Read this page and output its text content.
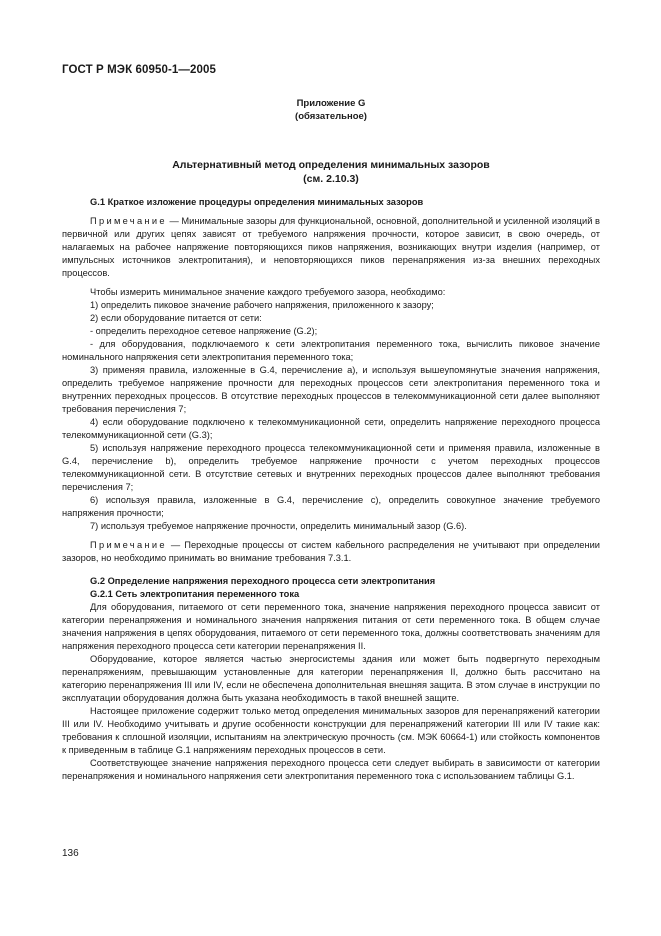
ГОСТ Р МЭК 60950-1—2005
Приложение G
(обязательное)
Альтернативный метод определения минимальных зазоров
(см. 2.10.3)

G.1 Краткое изложение процедуры определения минимальных зазоров

Примечание — Минимальные зазоры для функциональной, основной, дополнительной и усиленной изоляций в первичной или других цепях зависят от требуемого напряжения прочности, которое зависит, в свою очередь, от налагаемых на рабочее напряжение повторяющихся пиков напряжения, возникающих внутри изделия (например, от импульсных источников электропитания), и неповторяющихся пиков перенапряжения из-за внешних переходных процессов.

Чтобы измерить минимальное значение каждого требуемого зазора, необходимо:

1) определить пиковое значение рабочего напряжения, приложенного к зазору;

2) если оборудование питается от сети:

- определить переходное сетевое напряжение (G.2);

- для оборудования, подключаемого к сети электропитания переменного тока, вычислить пиковое значение номинального напряжения сети электропитания переменного тока;

3) применяя правила, изложенные в G.4, перечисление а), и используя вышеупомянутые значения напряжения, определить требуемое напряжение прочности для переходных процессов сети электропитания переменного тока и внутренних переходных процессов. В отсутствие переходных процессов в телекоммуникационной сети далее выполняют требования перечисления 7;

4) если оборудование подключено к телекоммуникационной сети, определить напряжение переходного процесса телекоммуникационной сети (G.3);

5) используя напряжение переходного процесса телекоммуникационной сети и применяя правила, изложенные в G.4, перечисление b), определить требуемое напряжение прочности с учетом переходных процессов телекоммуникационной сети. В отсутствие сетевых и внутренних переходных процессов далее выполняют требования перечисления 7;

6) используя правила, изложенные в G.4, перечисление с), определить совокупное значение требуемого напряжения прочности;

7) используя требуемое напряжение прочности, определить минимальный зазор (G.6).

Примечание — Переходные процессы от систем кабельного распределения не учитывают при определении зазоров, но необходимо принимать во внимание требования 7.3.1.

G.2 Определение напряжения переходного процесса сети электропитания

G.2.1 Сеть электропитания переменного тока

Для оборудования, питаемого от сети переменного тока, значение напряжения переходного процесса зависит от категории перенапряжения и номинального значения напряжения питания от сети переменного тока. В общем случае значения напряжения в цепях оборудования, питаемого от сети переменного тока, должны соответствовать значениям для напряжения переходного процесса сети категории перенапряжения II.

Оборудование, которое является частью энергосистемы здания или может быть подвергнуто переходным перенапряжениям, превышающим установленные для категории перенапряжения II, должно быть рассчитано на категорию перенапряжения III или IV, если не обеспечена дополнительная внешняя защита. В этом случае в инструкции по эксплуатации оборудования должна быть указана необходимость в такой внешней защите.

Настоящее приложение содержит только метод определения минимальных зазоров для перенапряжений категории III или IV. Необходимо учитывать и другие особенности конструкции для перенапряжений категории III или IV такие как: требования к сплошной изоляции, испытаниям на электрическую прочность (см. МЭК 60664-1) или стойкость компонентов к приведенным в таблице G.1 напряжениям переходных процессов в сети.

Соответствующее значение напряжения переходного процесса сети следует выбирать в зависимости от категории перенапряжения и номинального напряжения сети электропитания переменного тока с использованием таблицы G.1.

136
